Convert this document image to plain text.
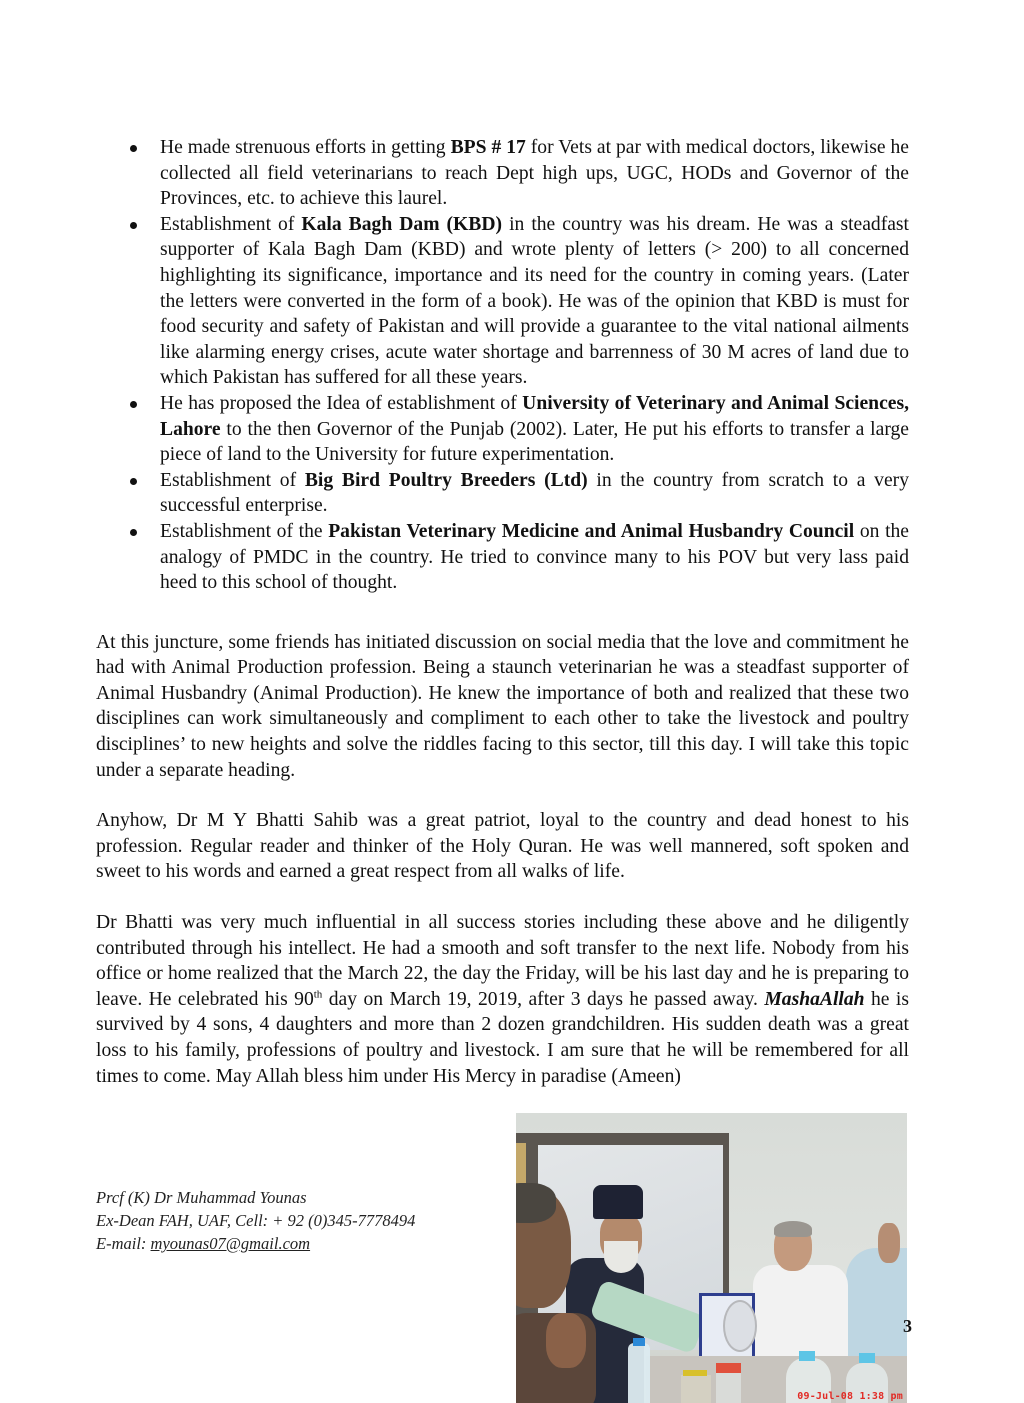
He made strenuous efforts in getting BPS # 17 for Vets at par with medical doctors, likewise he collected all field veterinarians to reach Dept high ups, UGC, HODs and Governor of the Provinces, etc. to achieve this laurel.
Establishment of Kala Bagh Dam (KBD) in the country was his dream. He was a steadfast supporter of Kala Bagh Dam (KBD) and wrote plenty of letters (> 200) to all concerned highlighting its significance, importance and its need for the country in coming years. (Later the letters were converted in the form of a book). He was of the opinion that KBD is must for food security and safety of Pakistan and will provide a guarantee to the vital national ailments like alarming energy crises, acute water shortage and barrenness of 30 M acres of land due to which Pakistan has suffered for all these years.
He has proposed the Idea of establishment of University of Veterinary and Animal Sciences, Lahore to the then Governor of the Punjab (2002). Later, He put his efforts to transfer a large piece of land to the University for future experimentation.
Establishment of Big Bird Poultry Breeders (Ltd) in the country from scratch to a very successful enterprise.
Establishment of the Pakistan Veterinary Medicine and Animal Husbandry Council on the analogy of PMDC in the country. He tried to convince many to his POV but very lass paid heed to this school of thought.

At this juncture, some friends has initiated discussion on social media that the love and commitment he had with Animal Production profession. Being a staunch veterinarian he was a steadfast supporter of Animal Husbandry (Animal Production). He knew the importance of both and realized that these two disciplines can work simultaneously and compliment to each other to take the livestock and poultry disciplines’ to new heights and solve the riddles facing to this sector, till this day. I will take this topic under a separate heading.

Anyhow, Dr M Y Bhatti Sahib was a great patriot, loyal to the country and dead honest to his profession. Regular reader and thinker of the Holy Quran. He was well mannered, soft spoken and sweet to his words and earned a great respect from all walks of life.

Dr Bhatti was very much influential in all success stories including these above and he diligently contributed through his intellect. He had a smooth and soft transfer to the next life. Nobody from his office or home realized that the March 22, the day the Friday, will be his last day and he is preparing to leave. He celebrated his 90th day on March 19, 2019, after 3 days he passed away. MashaAllah he is survived by 4 sons, 4 daughters and more than 2 dozen grandchildren. His sudden death was a great loss to his family, professions of poultry and livestock. I am sure that he will be remembered for all times to come. May Allah bless him under His Mercy in paradise (Ameen)

Prcf (K) Dr Muhammad Younas
Ex-Dean FAH, UAF, Cell: + 92 (0)345-7778494
E-mail: myounas07@gmail.com
09-Jul-08 1:38 pm
3
